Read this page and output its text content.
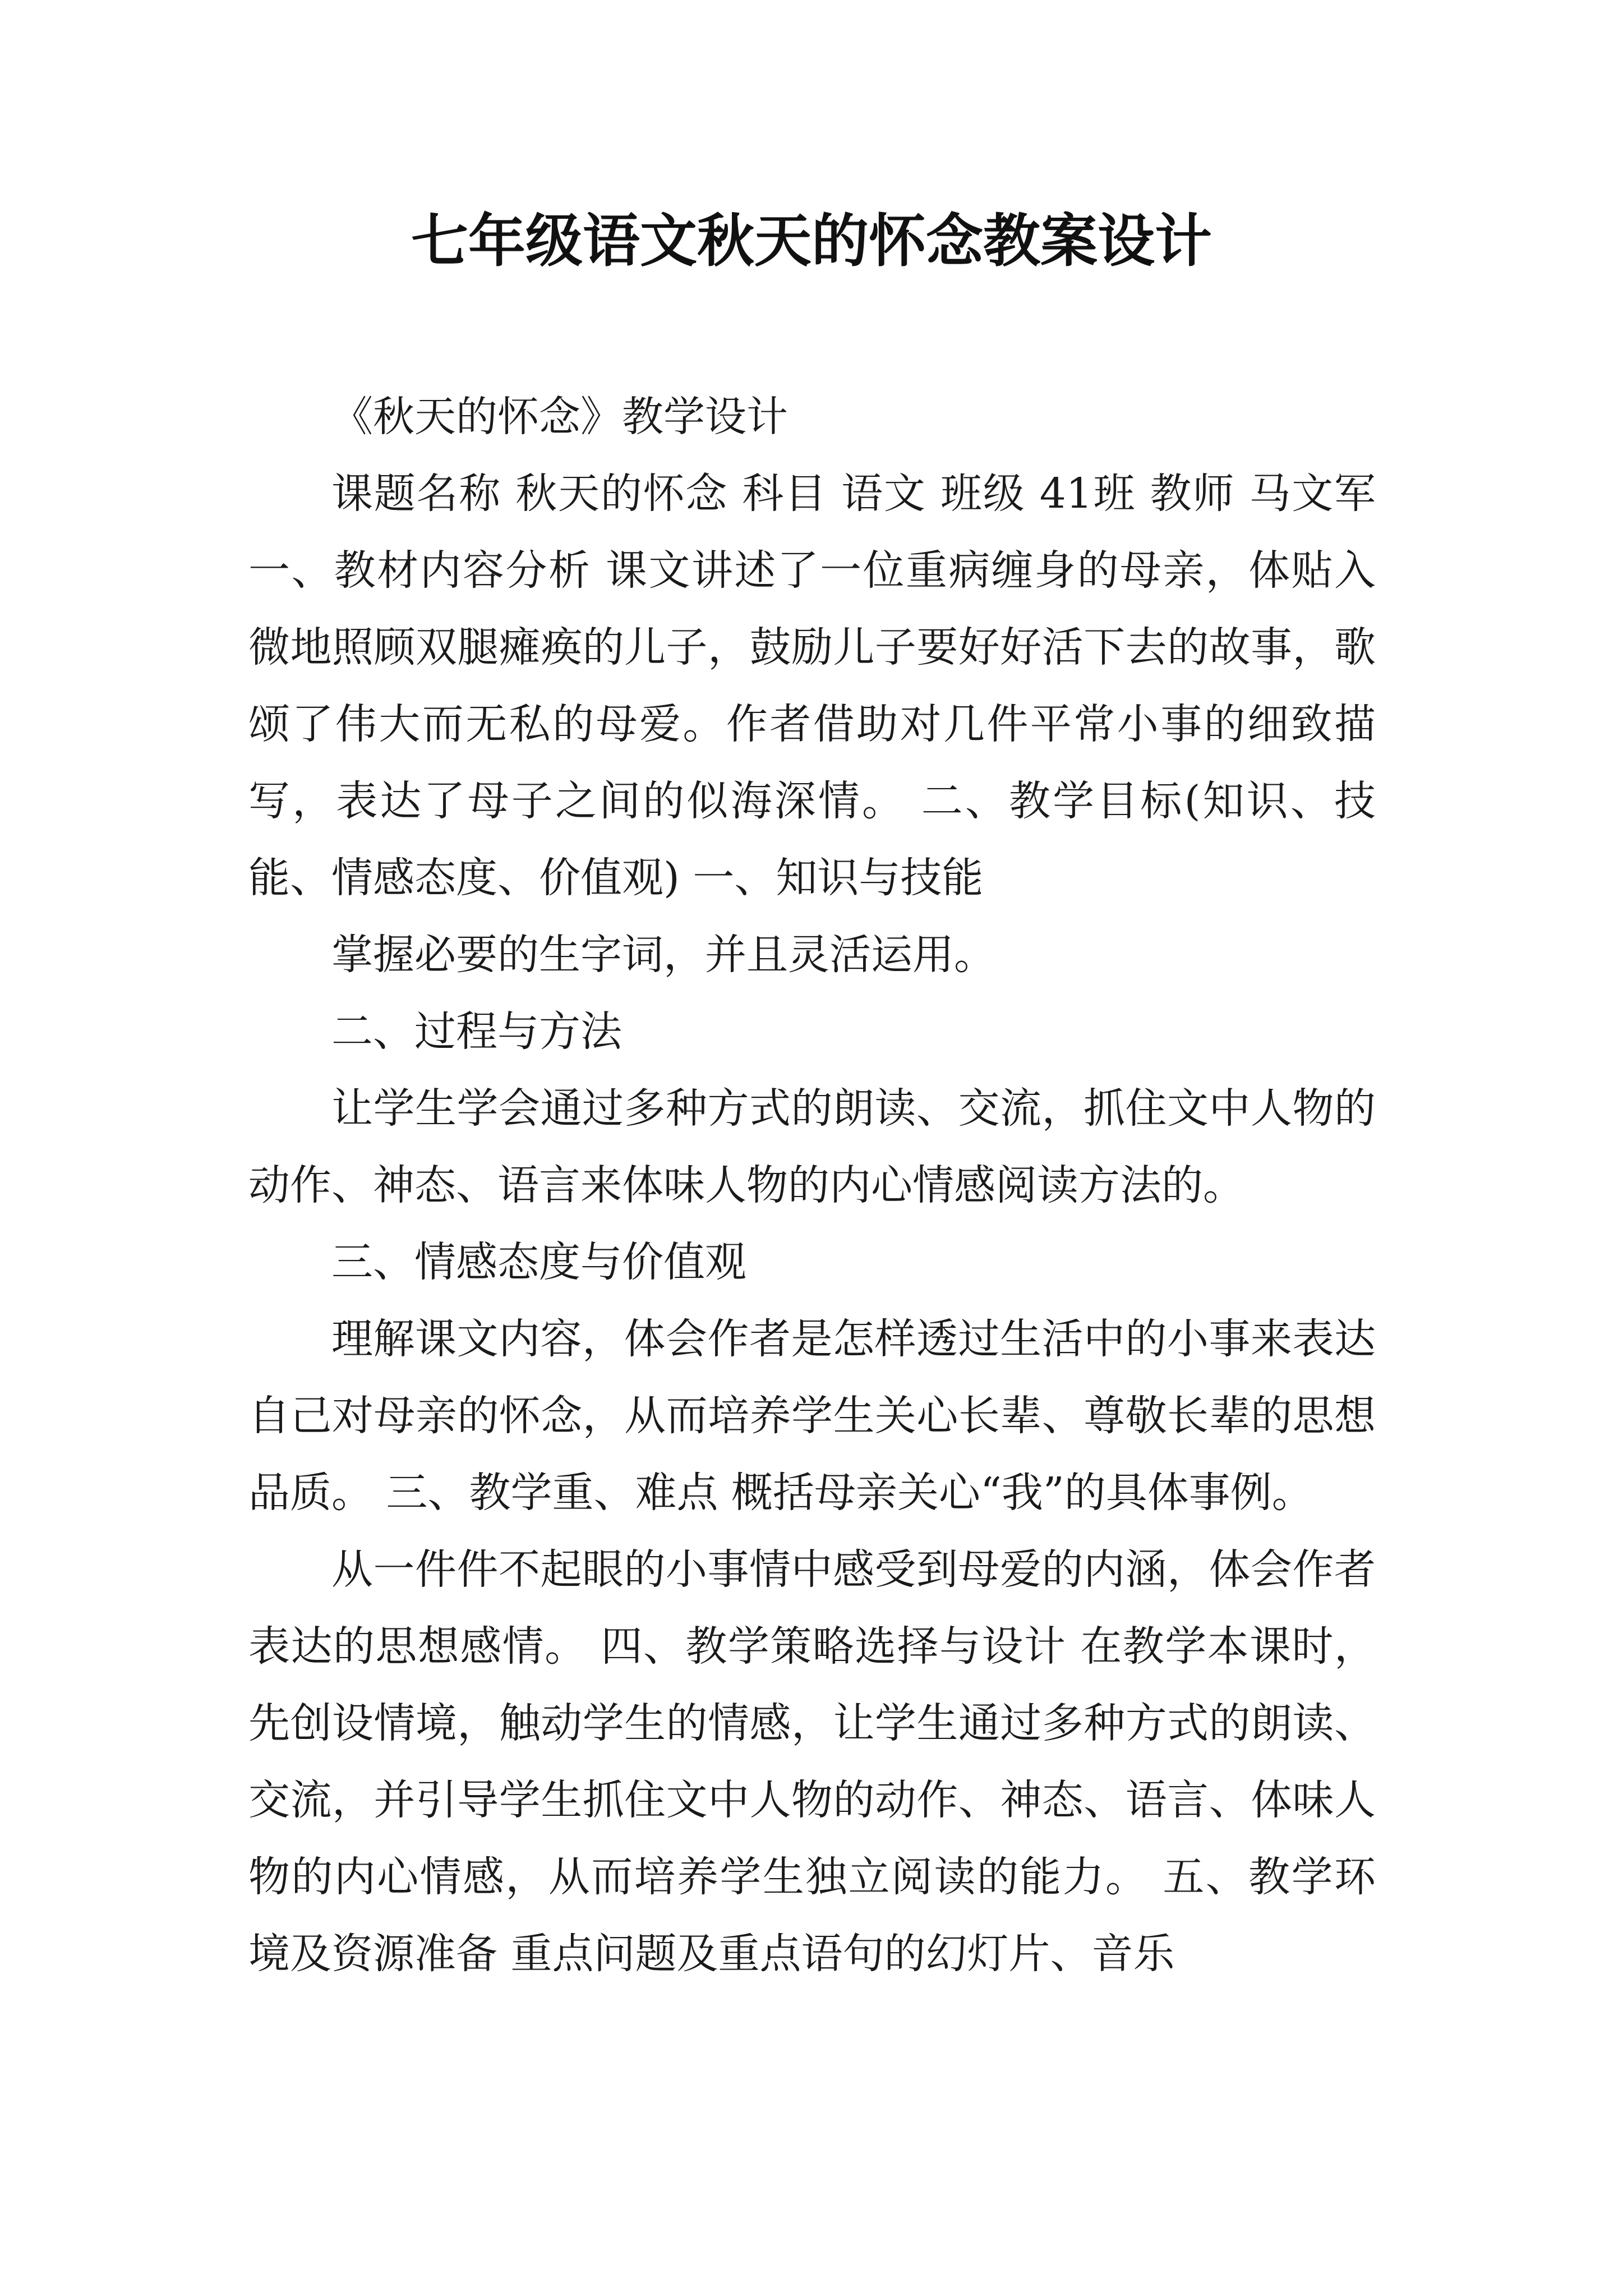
七年级语文秋天的怀念教案设计

《秋天的怀念》教学设计

课题名称 秋天的怀念 科目 语文 班级 41班 教师 马文军 一、教材内容分析 课文讲述了一位重病缠身的母亲，体贴入微地照顾双腿瘫痪的儿子，鼓励儿子要好好活下去的故事，歌颂了伟大而无私的母爱。作者借助对几件平常小事的细致描写，表达了母子之间的似海深情。 二、教学目标(知识、技能、情感态度、价值观) 一、知识与技能

掌握必要的生字词，并且灵活运用。

二、过程与方法

让学生学会通过多种方式的朗读、交流，抓住文中人物的动作、神态、语言来体味人物的内心情感阅读方法的。

三、情感态度与价值观

理解课文内容，体会作者是怎样透过生活中的小事来表达自己对母亲的怀念，从而培养学生关心长辈、尊敬长辈的思想品质。 三、教学重、难点 概括母亲关心“我”的具体事例。

从一件件不起眼的小事情中感受到母爱的内涵，体会作者表达的思想感情。 四、教学策略选择与设计 在教学本课时，先创设情境，触动学生的情感，让学生通过多种方式的朗读、交流，并引导学生抓住文中人物的动作、神态、语言、体味人物的内心情感，从而培养学生独立阅读的能力。 五、教学环境及资源准备 重点问题及重点语句的幻灯片、音乐
